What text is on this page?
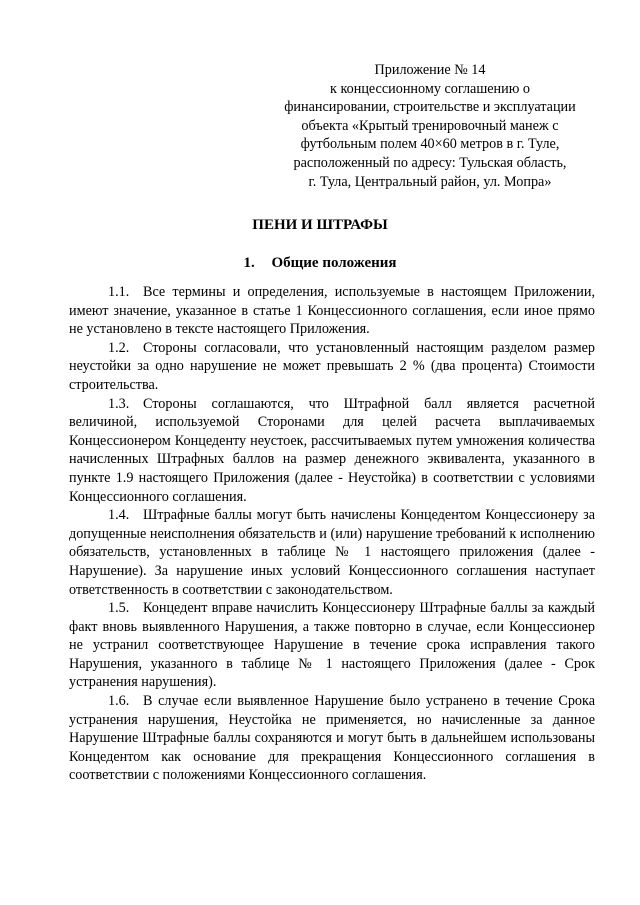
Приложение № 14
к концессионному соглашению о
финансировании, строительстве и эксплуатации
объекта «Крытый тренировочный манеж с
футбольным полем 40×60 метров в г. Туле,
расположенный по адресу: Тульская область,
г. Тула, Центральный район, ул. Мопра»
ПЕНИ И ШТРАФЫ
1. Общие положения

1.1. Все термины и определения, используемые в настоящем Приложении, имеют значение, указанное в статье 1 Концессионного соглашения, если иное прямо не установлено в тексте настоящего Приложения.

1.2. Стороны согласовали, что установленный настоящим разделом размер неустойки за одно нарушение не может превышать 2 % (два процента) Стоимости строительства.

1.3. Стороны соглашаются, что Штрафной балл является расчетной величиной, используемой Сторонами для целей расчета выплачиваемых Концессионером Концеденту неустоек, рассчитываемых путем умножения количества начисленных Штрафных баллов на размер денежного эквивалента, указанного в пункте 1.9 настоящего Приложения (далее - Неустойка) в соответствии с условиями Концессионного соглашения.

1.4. Штрафные баллы могут быть начислены Концедентом Концессионеру за допущенные неисполнения обязательств и (или) нарушение требований к исполнению обязательств, установленных в таблице № 1 настоящего приложения (далее - Нарушение). За нарушение иных условий Концессионного соглашения наступает ответственность в соответствии с законодательством.

1.5. Концедент вправе начислить Концессионеру Штрафные баллы за каждый факт вновь выявленного Нарушения, а также повторно в случае, если Концессионер не устранил соответствующее Нарушение в течение срока исправления такого Нарушения, указанного в таблице № 1 настоящего Приложения (далее - Срок устранения нарушения).

1.6. В случае если выявленное Нарушение было устранено в течение Срока устранения нарушения, Неустойка не применяется, но начисленные за данное Нарушение Штрафные баллы сохраняются и могут быть в дальнейшем использованы Концедентом как основание для прекращения Концессионного соглашения в соответствии с положениями Концессионного соглашения.
